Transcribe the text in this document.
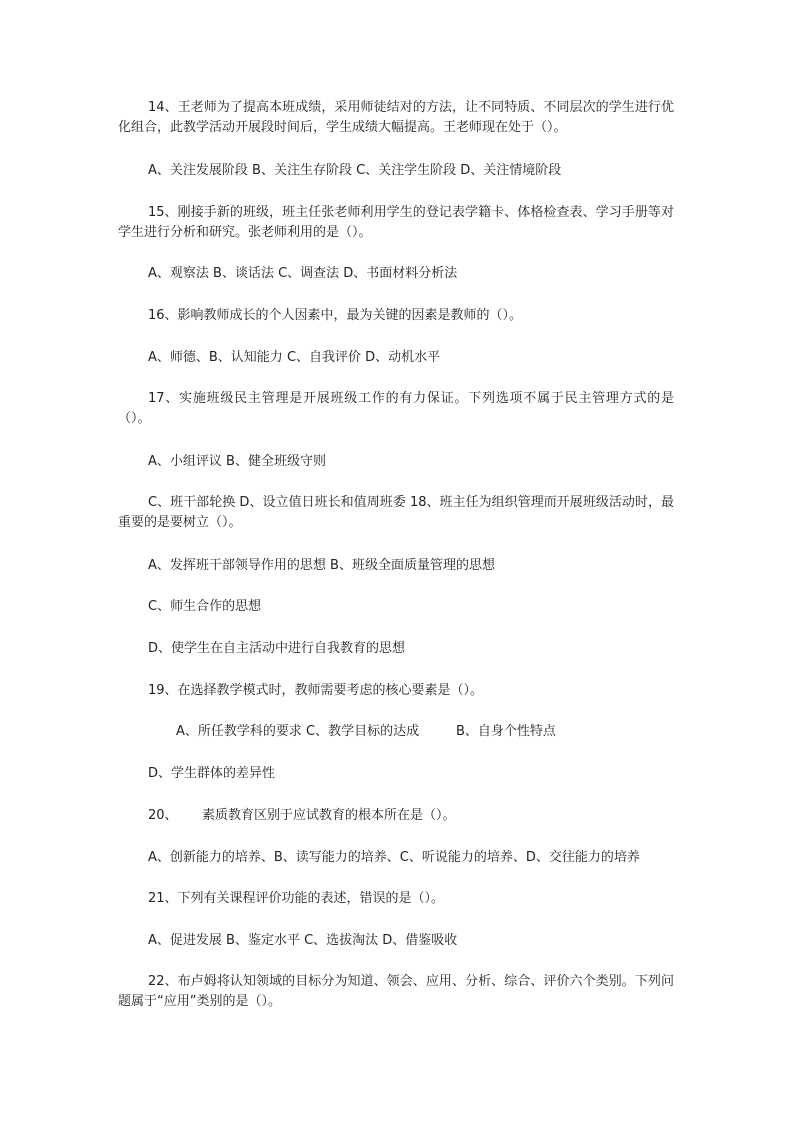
14、王老师为了提高本班成绩，采用师徒结对的方法，让不同特质、不同层次的学生进行优化组合，此教学活动开展段时间后，学生成绩大幅提高。王老师现在处于（）。
A、关注发展阶段 B、关注生存阶段 C、关注学生阶段 D、关注情境阶段
15、刚接手新的班级，班主任张老师利用学生的登记表学籍卡、体格检查表、学习手册等对学生进行分析和研究。张老师利用的是（）。
A、观察法 B、谈话法 C、调查法 D、书面材料分析法
16、影响教师成长的个人因素中，最为关键的因素是教师的（）。
A、师德、B、认知能力 C、自我评价 D、动机水平
17、实施班级民主管理是开展班级工作的有力保证。下列选项不属于民主管理方式的是（）。
A、小组评议 B、健全班级守则
C、班干部轮换 D、设立值日班长和值周班委 18、班主任为组织管理而开展班级活动时，最重要的是要树立（）。
A、发挥班干部领导作用的思想 B、班级全面质量管理的思想
C、师生合作的思想
D、使学生在自主活动中进行自我教育的思想
19、在选择教学模式时，教师需要考虑的核心要素是（）。
A、所任教学科的要求 C、教学目标的达成	B、自身个性特点
D、学生群体的差异性
20、	素质教育区别于应试教育的根本所在是（）。
A、创新能力的培养、B、读写能力的培养、C、听说能力的培养、D、交往能力的培养
21、下列有关课程评价功能的表述，错误的是（）。
A、促进发展 B、鉴定水平 C、选拔淘汰 D、借鉴吸收
22、布卢姆将认知领域的目标分为知道、领会、应用、分析、综合、评价六个类别。下列问题属于“应用”类别的是（）。
